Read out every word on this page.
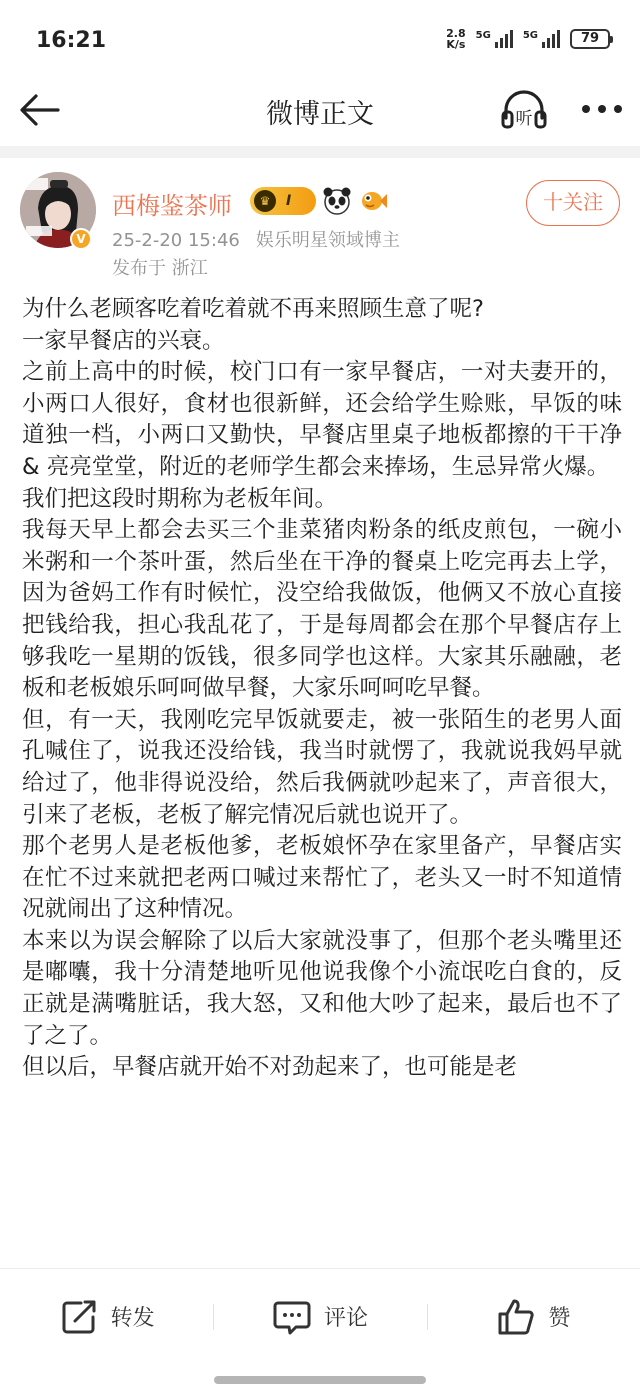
16:21	2.8
K/s
5G	5G	79
微博正文	听
V
西梅鉴茶师	♛	I
25-2-20 15:46 娱乐明星领域博主
发布于 浙江
十关注

为什么老顾客吃着吃着就不再来照顾生意了呢?

一家早餐店的兴衰。

之前上高中的时候，校门口有一家早餐店，一对夫妻开的，小两口人很好，食材也很新鲜，还会给学生赊账，早饭的味道独一档，小两口又勤快，早餐店里桌子地板都擦的干干净 & 亮亮堂堂，附近的老师学生都会来捧场，生忌异常火爆。

我们把这段时期称为老板年间。

我每天早上都会去买三个韭菜猪肉粉条的纸皮煎包，一碗小米粥和一个茶叶蛋，然后坐在干净的餐桌上吃完再去上学，因为爸妈工作有时候忙，没空给我做饭，他俩又不放心直接把钱给我，担心我乱花了，于是每周都会在那个早餐店存上够我吃一星期的饭钱，很多同学也这样。大家其乐融融，老板和老板娘乐呵呵做早餐，大家乐呵呵吃早餐。

但，有一天，我刚吃完早饭就要走，被一张陌生的老男人面孔喊住了，说我还没给钱，我当时就愣了，我就说我妈早就给过了，他非得说没给，然后我俩就吵起来了，声音很大，引来了老板，老板了解完情况后就也说开了。

那个老男人是老板他爹，老板娘怀孕在家里备产，早餐店实在忙不过来就把老两口喊过来帮忙了，老头又一时不知道情况就闹出了这种情况。

本来以为误会解除了以后大家就没事了，但那个老头嘴里还是嘟囔，我十分清楚地听见他说我像个小流氓吃白食的，反正就是满嘴脏话，我大怒，又和他大吵了起来，最后也不了了之了。

但以后，早餐店就开始不对劲起来了，也可能是老

转发	评论	赞
